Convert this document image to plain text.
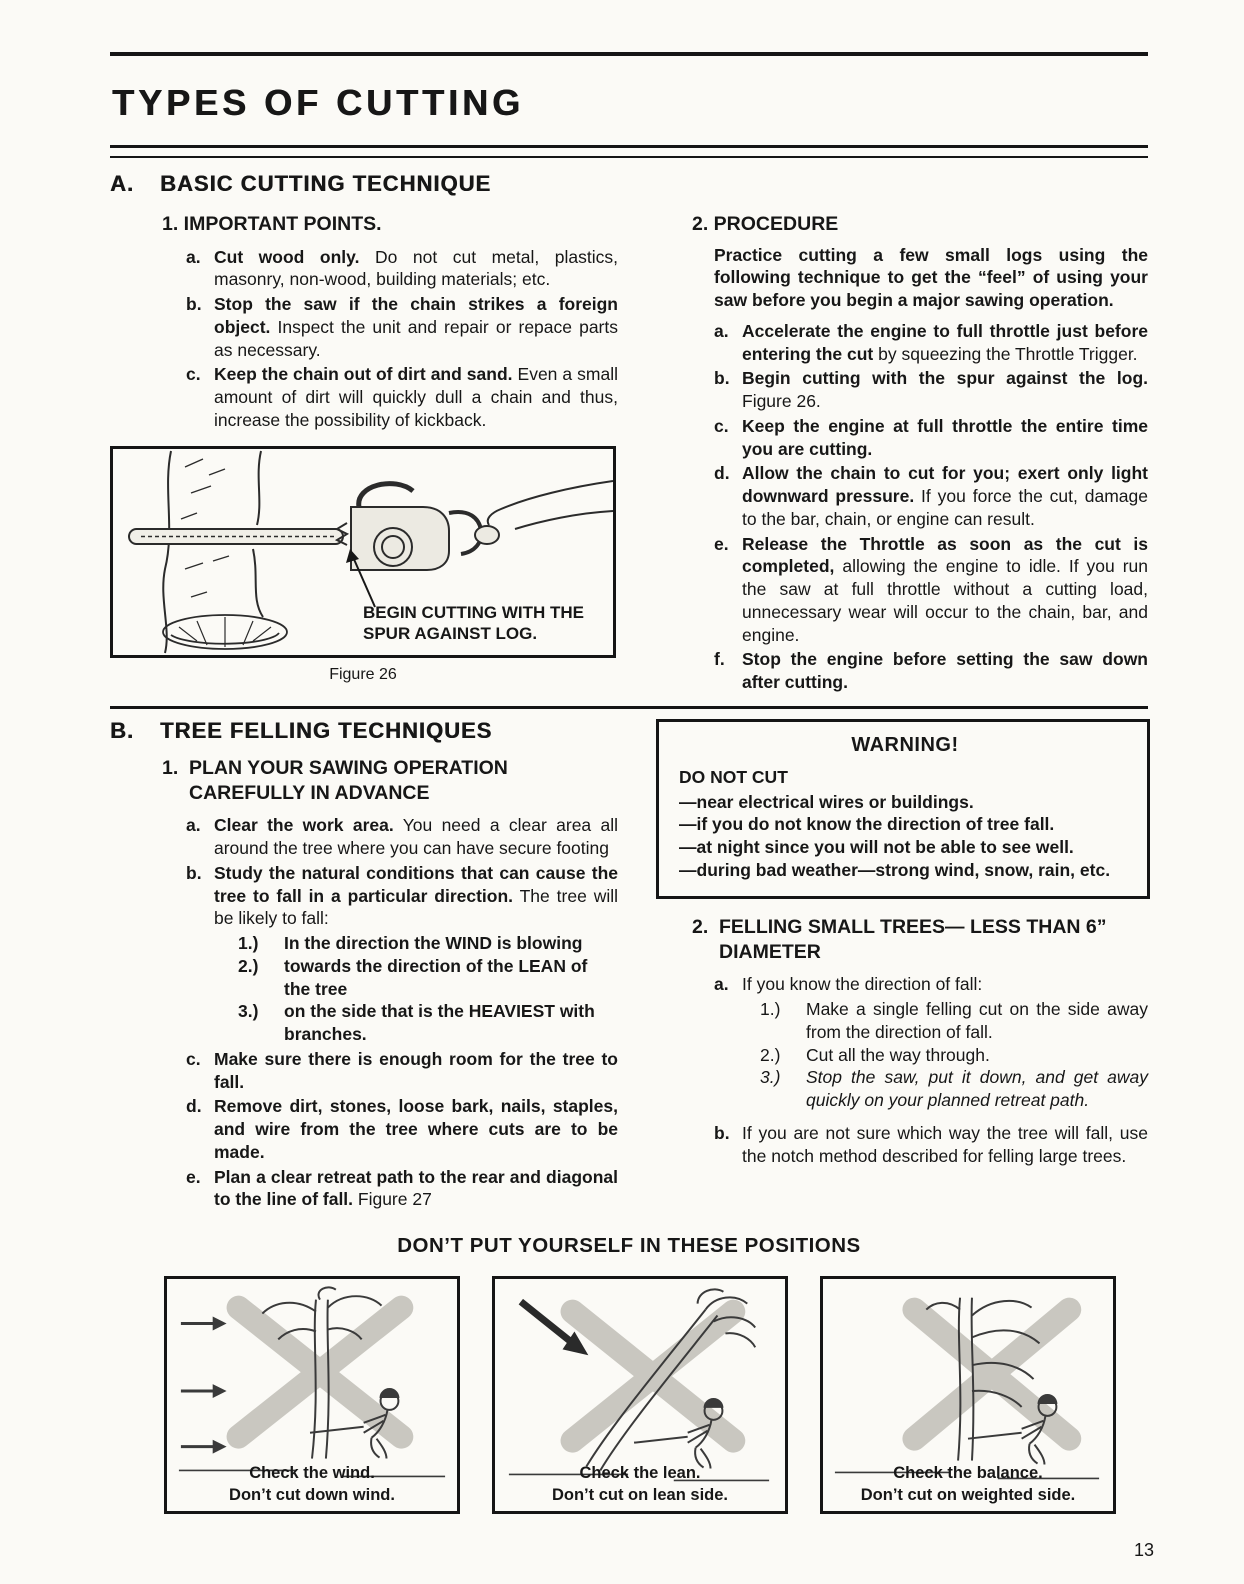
TYPES OF CUTTING
A.	BASIC CUTTING TECHNIQUE
1. IMPORTANT POINTS.
a. Cut wood only. Do not cut metal, plastics, masonry, non-wood, building materials; etc.
b. Stop the saw if the chain strikes a foreign object. Inspect the unit and repair or repace parts as necessary.
c. Keep the chain out of dirt and sand. Even a small amount of dirt will quickly dull a chain and thus, increase the possibility of kickback.
BEGIN CUTTING WITH THE
SPUR AGAINST LOG.
Figure 26
2. PROCEDURE

Practice cutting a few small logs using the following technique to get the “feel” of using your saw before you begin a major sawing operation.

a. Accelerate the engine to full throttle just before entering the cut by squeezing the Throttle Trigger.
b. Begin cutting with the spur against the log. Figure 26.
c. Keep the engine at full throttle the entire time you are cutting.
d. Allow the chain to cut for you; exert only light downward pressure. If you force the cut, damage to the bar, chain, or engine can result.
e. Release the Throttle as soon as the cut is completed, allowing the engine to idle. If you run the saw at full throttle without a cutting load, unnecessary wear will occur to the chain, bar, and engine.
f. Stop the engine before setting the saw down after cutting.
B.	TREE FELLING TECHNIQUES
1. PLAN YOUR SAWING OPERATION CAREFULLY IN ADVANCE
a. Clear the work area. You need a clear area all around the tree where you can have secure footing
b. Study the natural conditions that can cause the tree to fall in a particular direction. The tree will be likely to fall:
1.)	In the direction the WIND is blowing
2.)	towards the direction of the LEAN of the tree
3.)	on the side that is the HEAVIEST with branches.
c. Make sure there is enough room for the tree to fall.
d. Remove dirt, stones, loose bark, nails, staples, and wire from the tree where cuts are to be made.
e. Plan a clear retreat path to the rear and diagonal to the line of fall. Figure 27
WARNING!
DO NOT CUT
—near electrical wires or buildings.
—if you do not know the direction of tree fall.
—at night since you will not be able to see well.
—during bad weather—strong wind, snow, rain, etc.
2. FELLING SMALL TREES— LESS THAN 6” DIAMETER
a. If you know the direction of fall:
1.)	Make a single felling cut on the side away from the direction of fall.
2.)	Cut all the way through.
3.)	Stop the saw, put it down, and get away quickly on your planned retreat path.
b. If you are not sure which way the tree will fall, use the notch method described for felling large trees.
DON’T PUT YOURSELF IN THESE POSITIONS
Check the wind.
Don’t cut down wind.
Check the lean.
Don’t cut on lean side.
Check the balance.
Don’t cut on weighted side.
13
